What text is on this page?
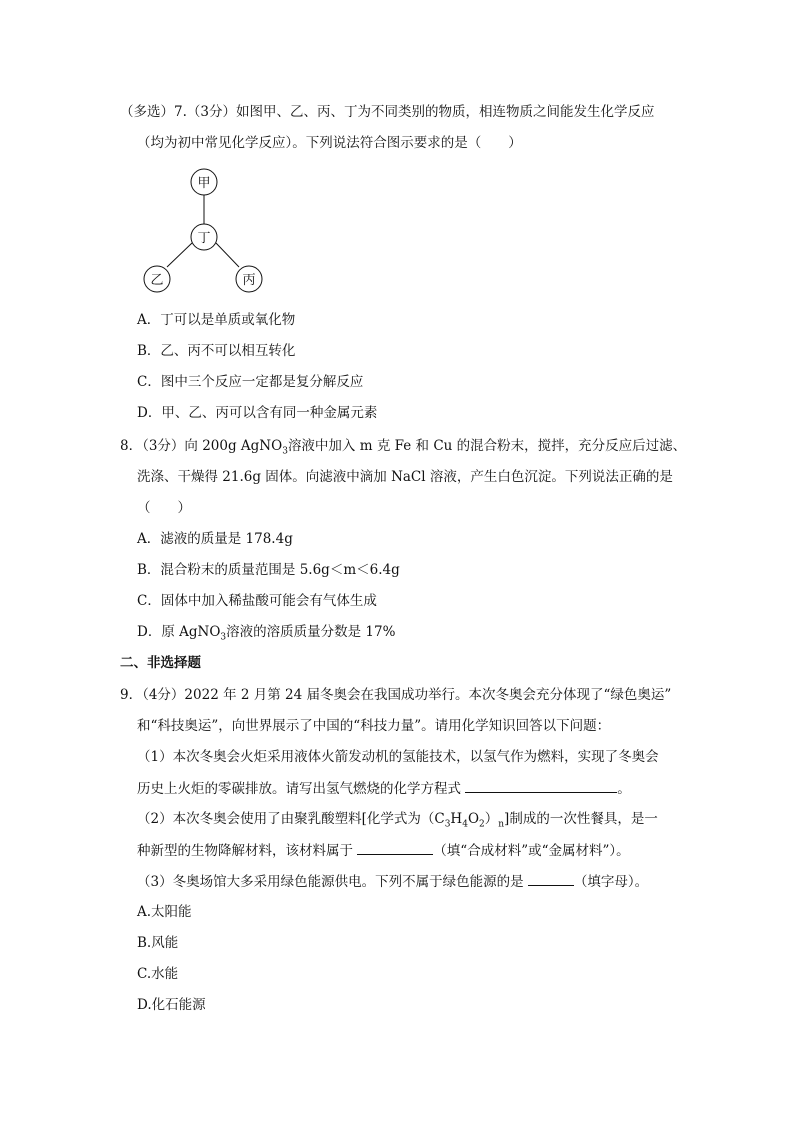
（多选）7.（3分）如图甲、乙、丙、丁为不同类别的物质，相连物质之间能发生化学反应
（均为初中常见化学反应）。下列说法符合图示要求的是（　　）
甲
丁
乙	丙
A．丁可以是单质或氧化物
B．乙、丙不可以相互转化
C．图中三个反应一定都是复分解反应
D．甲、乙、丙可以含有同一种金属元素
8．（3分）向 200g AgNO$_3$溶液中加入 m 克 Fe 和 Cu 的混合粉末，搅拌，充分反应后过滤、
洗涤、干燥得 21.6g 固体。向滤液中滴加 NaCl 溶液，产生白色沉淀。下列说法正确的是
（　　）
A．滤液的质量是 178.4g
B．混合粉末的质量范围是 5.6g＜m＜6.4g
C．固体中加入稀盐酸可能会有气体生成
D．原 AgNO$_3$溶液的溶质质量分数是 17%
二、非选择题
9．（4分）2022 年 2 月第 24 届冬奥会在我国成功举行。本次冬奥会充分体现了“绿色奥运”
和“科技奥运”，向世界展示了中国的“科技力量”。请用化学知识回答以下问题：
（1）本次冬奥会火炬采用液体火箭发动机的氢能技术，以氢气作为燃料，实现了冬奥会
历史上火炬的零碳排放。请写出氢气燃烧的化学方程式	。
（2）本次冬奥会使用了由聚乳酸塑料[化学式为$(C_3H_4O_2)_n$]制成的一次性餐具，是一
种新型的生物降解材料，该材料属于	（填“合成材料”或“金属材料”）。
（3）冬奥场馆大多采用绿色能源供电。下列不属于绿色能源的是	（填字母）。
A.太阳能
B.风能
C.水能
D.化石能源
